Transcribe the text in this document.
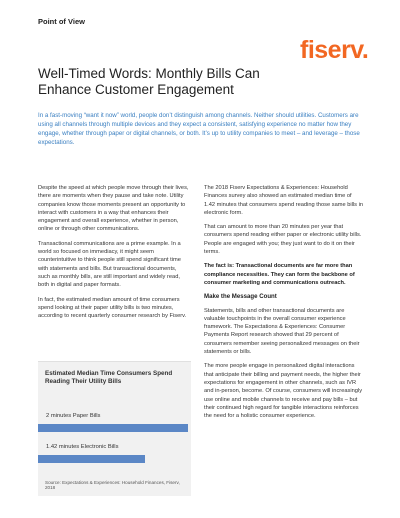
Point of View
fiserv.
Well-Timed Words: Monthly Bills Can Enhance Customer Engagement
In a fast-moving “want it now” world, people don’t distinguish among channels. Neither should utilities. Customers are using all channels through multiple devices and they expect a consistent, satisfying experience no matter how they engage, whether through paper or digital channels, or both. It’s up to utility companies to meet – and leverage – those expectations.

Despite the speed at which people move through their lives, there are moments when they pause and take note. Utility companies know those moments present an opportunity to interact with customers in a way that enhances their engagement and overall experience, whether in person, online or through other communications.

Transactional communications are a prime example. In a world so focused on immediacy, it might seem counterintuitive to think people still spend significant time with statements and bills. But transactional documents, such as monthly bills, are still important and widely read, both in digital and paper formats.

In fact, the estimated median amount of time consumers spend looking at their paper utility bills is two minutes, according to recent quarterly consumer research by Fiserv.

The 2018 Fiserv Expectations & Experiences: Household Finances survey also showed an estimated median time of 1.42 minutes that consumers spend reading those same bills in electronic form.

That can amount to more than 20 minutes per year that consumers spend reading either paper or electronic utility bills. People are engaged with you; they just want to do it on their terms.

The fact is: Transactional documents are far more than compliance necessities. They can form the backbone of consumer marketing and communications outreach.

Make the Message Count

Statements, bills and other transactional documents are valuable touchpoints in the overall consumer experience framework. The Expectations & Experiences: Consumer Payments Report research showed that 29 percent of consumers remember seeing personalized messages on their statements or bills.

The more people engage in personalized digital interactions that anticipate their billing and payment needs, the higher their expectations for engagement in other channels, such as IVR and in-person, become. Of course, consumers will increasingly use online and mobile channels to receive and pay bills – but their continued high regard for tangible interactions reinforces the need for a holistic consumer experience.

Estimated Median Time Consumers Spend Reading Their Utility Bills
2 minutes Paper Bills
1.42 minutes Electronic Bills
Source: Expectations & Experiences: Household Finances, Fiserv, 2018
